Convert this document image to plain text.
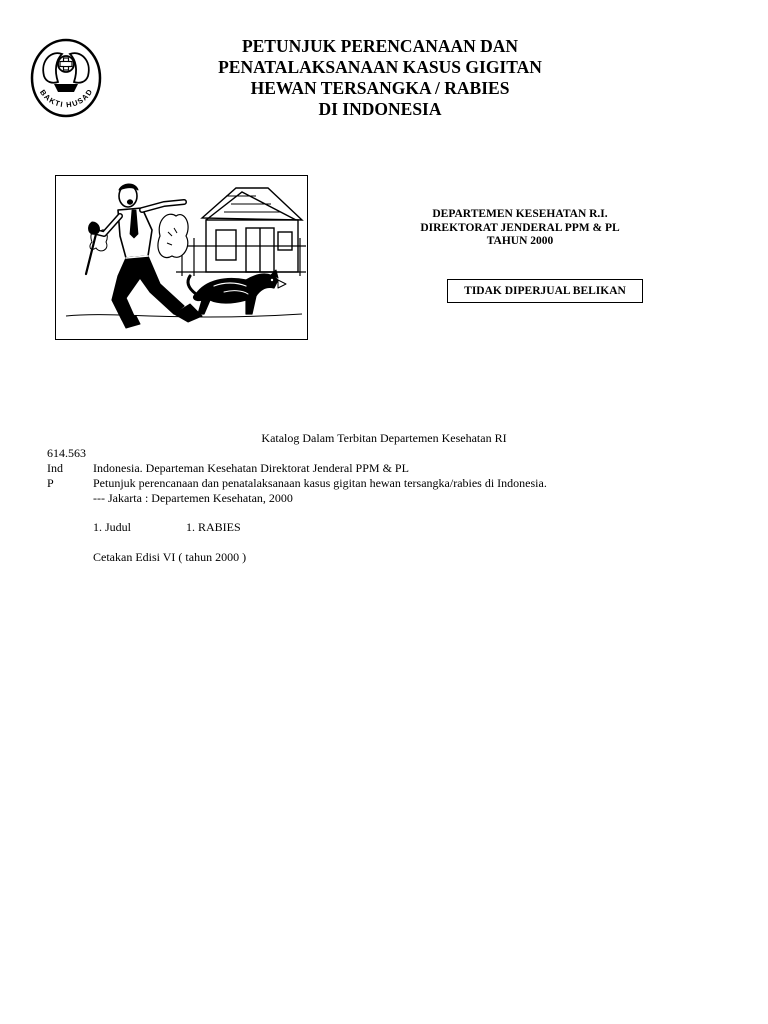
BAKTI HUSAD
PETUNJUK PERENCANAAN DAN
PENATALAKSANAAN KASUS GIGITAN
HEWAN TERSANGKA / RABIES
DI INDONESIA
DEPARTEMEN KESEHATAN R.I.
DIREKTORAT JENDERAL PPM & PL
TAHUN 2000
TIDAK DIPERJUAL BELIKAN
Katalog Dalam Terbitan Departemen Kesehatan RI
614.563
Ind
P
Indonesia. Departeman Kesehatan Direktorat Jenderal PPM & PL
Petunjuk perencanaan dan penatalaksanaan kasus gigitan hewan tersangka/rabies di Indonesia.
--- Jakarta : Departemen Kesehatan, 2000
1. Judul	1. RABIES
Cetakan Edisi VI ( tahun 2000 )
